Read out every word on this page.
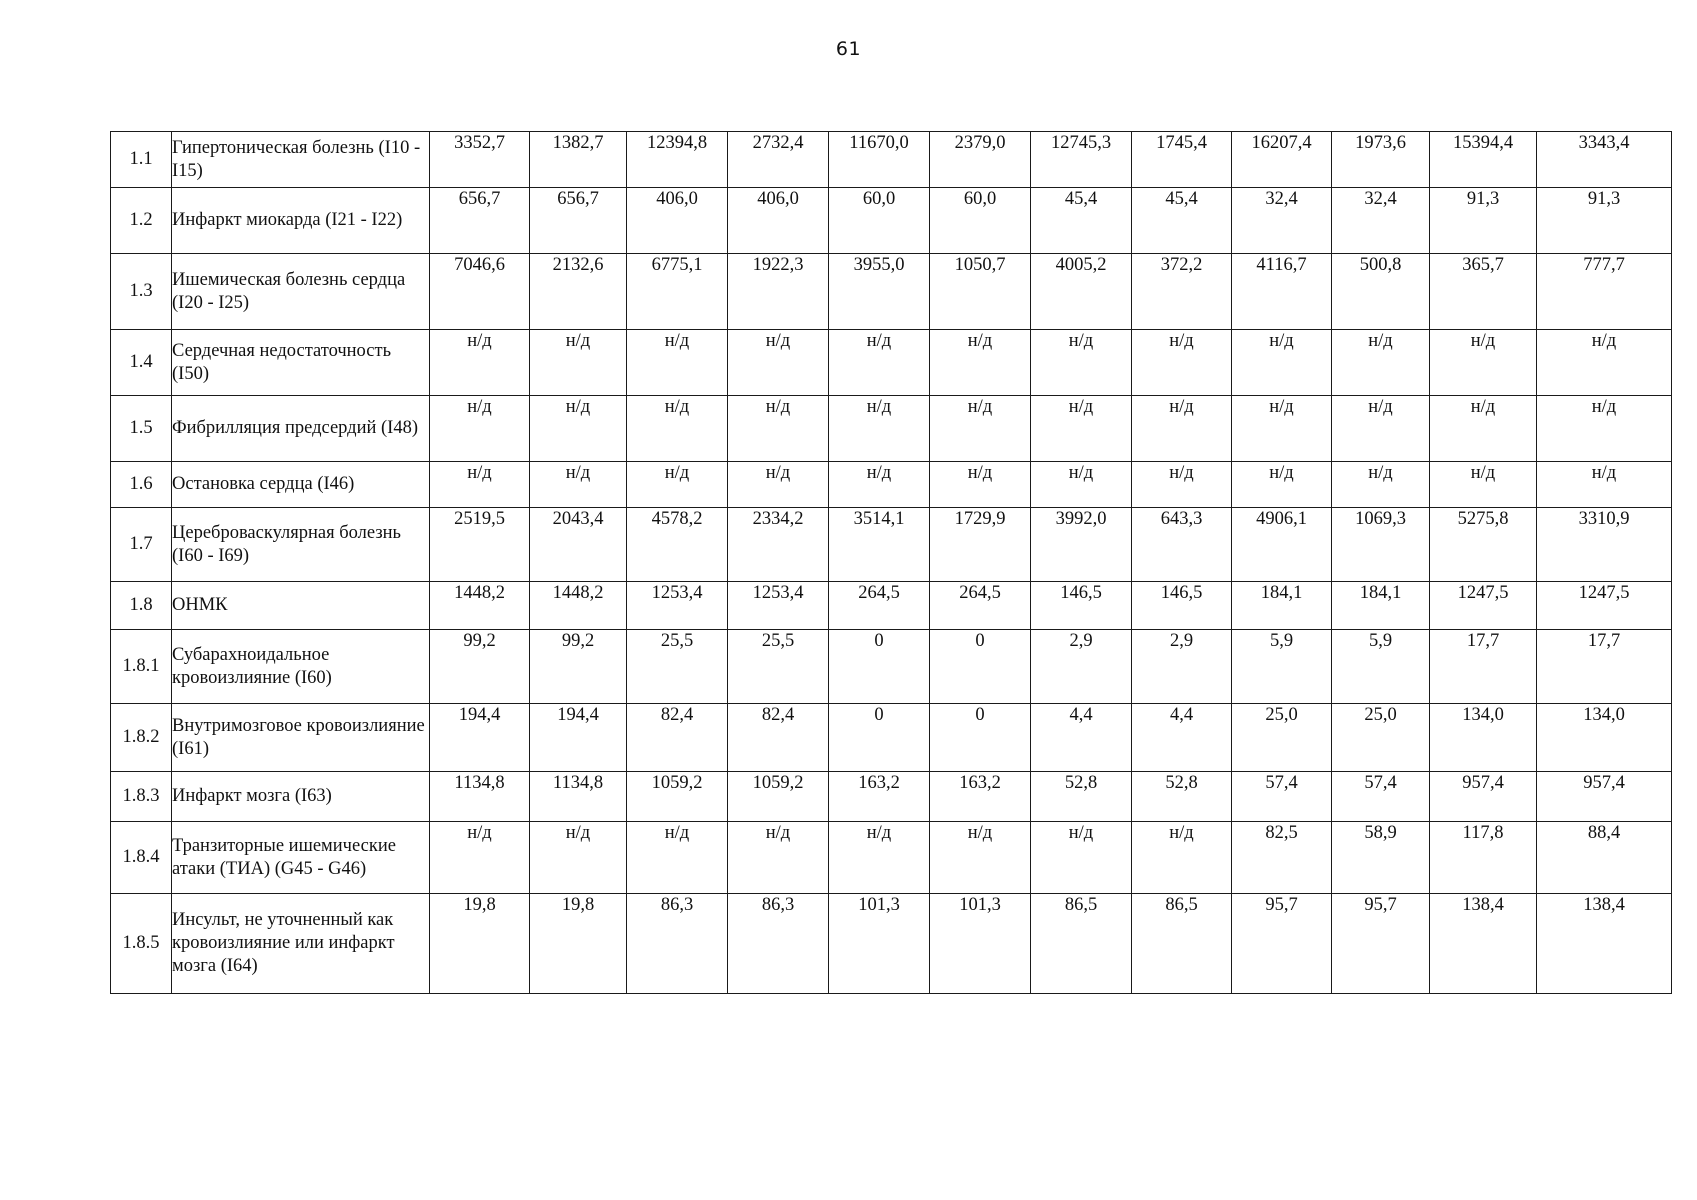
61
1.1	Гипертоническая болезнь (I10 - I15)	3352,7	1382,7	12394,8	2732,4	11670,0	2379,0	12745,3	1745,4	16207,4	1973,6	15394,4	3343,4
1.2	Инфаркт миокарда (I21 - I22)	656,7	656,7	406,0	406,0	60,0	60,0	45,4	45,4	32,4	32,4	91,3	91,3
1.3	Ишемическая болезнь сердца (I20 - I25)	7046,6	2132,6	6775,1	1922,3	3955,0	1050,7	4005,2	372,2	4116,7	500,8	365,7	777,7
1.4	Сердечная недостаточность (I50)	н/д	н/д	н/д	н/д	н/д	н/д	н/д	н/д	н/д	н/д	н/д	н/д
1.5	Фибрилляция предсердий (I48)	н/д	н/д	н/д	н/д	н/д	н/д	н/д	н/д	н/д	н/д	н/д	н/д
1.6	Остановка сердца (I46)	н/д	н/д	н/д	н/д	н/д	н/д	н/д	н/д	н/д	н/д	н/д	н/д
1.7	Цереброваскулярная болезнь (I60 - I69)	2519,5	2043,4	4578,2	2334,2	3514,1	1729,9	3992,0	643,3	4906,1	1069,3	5275,8	3310,9
1.8	ОНМК	1448,2	1448,2	1253,4	1253,4	264,5	264,5	146,5	146,5	184,1	184,1	1247,5	1247,5
1.8.1	Субарахноидальное кровоизлияние (I60)	99,2	99,2	25,5	25,5	0	0	2,9	2,9	5,9	5,9	17,7	17,7
1.8.2	Внутримозговое кровоизлияние (I61)	194,4	194,4	82,4	82,4	0	0	4,4	4,4	25,0	25,0	134,0	134,0
1.8.3	Инфаркт мозга (I63)	1134,8	1134,8	1059,2	1059,2	163,2	163,2	52,8	52,8	57,4	57,4	957,4	957,4
1.8.4	Транзиторные ишемические атаки (ТИА) (G45 - G46)	н/д	н/д	н/д	н/д	н/д	н/д	н/д	н/д	82,5	58,9	117,8	88,4
1.8.5	Инсульт, не уточненный как кровоизлияние или инфаркт мозга (I64)	19,8	19,8	86,3	86,3	101,3	101,3	86,5	86,5	95,7	95,7	138,4	138,4
